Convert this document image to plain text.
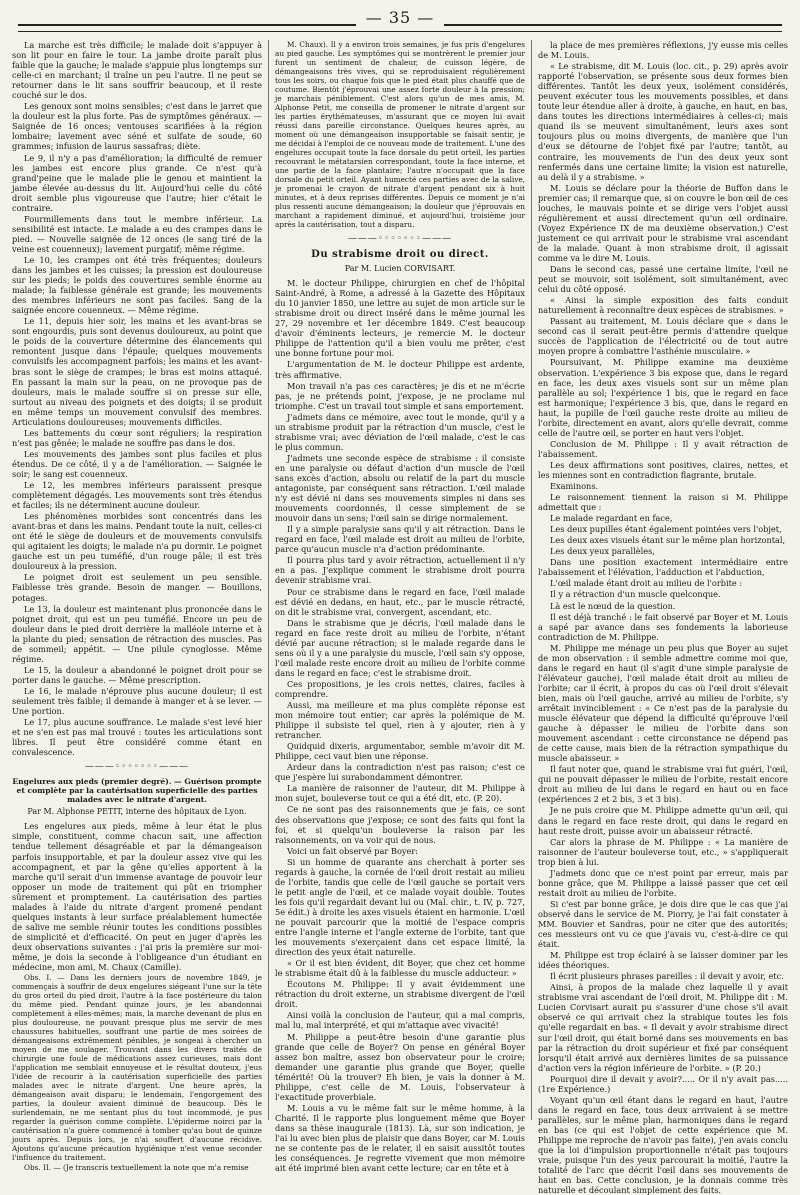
— 35 —

La marche est très difficile; le malade doit s'appuyer à son lit pour en faire le tour. La jambe droite paraît plus faible que la gauche; le malade s'appuie plus longtemps sur celle-ci en marchant; il traîne un peu l'autre. Il ne peut se retourner dans le lit sans souffrir beaucoup, et il reste couché sur le dos.

Les genoux sont moins sensibles; c'est dans le jarret que la douleur est la plus forte. Pas de symptômes généraux. — Saignée de 16 onces; ventouses scarifiées à la région lombaire; lavement avec séné et sulfate de soude, 60 grammes; infusion de laurus sassafras; diète.

Le 9, il n'y a pas d'amélioration; la difficulté de remuer les jambes est encore plus grande. Ce n'est qu'à grand'peine que le malade plie le genou et maintient la jambe élevée au-dessus du lit. Aujourd'hui celle du côté droit semble plus vigoureuse que l'autre; hier c'était le contraire.

Fourmillements dans tout le membre inférieur. La sensibilité est intacte. Le malade a eu des crampes dans le pied. — Nouvelle saignée de 12 onces (le sang tiré de la veine est couenneux); lavement purgatif; même régime.

Le 10, les crampes ont été très fréquentes; douleurs dans les jambes et les cuisses; la pression est douloureuse sur les pieds; le poids des couvertures semble énorme au malade; la faiblesse générale est grande; les mouvements des membres inférieurs ne sont pas faciles. Sang de la saignée encore couenneux. — Même régime.

Le 11, depuis hier soir, les mains et les avant-bras se sont engourdis, puis sont devenus douloureux, au point que le poids de la couverture détermine des élancements qui remontent jusque dans l'épaule; quelques mouvements convulsifs les accompagnent parfois; les mains et les avant-bras sont le siège de crampes; le bras est moins attaqué. En passant la main sur la peau, on ne provoque pas de douleurs, mais le malade souffre si on presse sur elle, surtout au niveau des poignets et des doigts; il se produit en même temps un mouvement convulsif des membres. Articulations douloureuses; mouvements difficiles.

Les battements du cœur sont réguliers; la respiration n'est pas gênée; le malade ne souffre pas dans le dos.

Les mouvements des jambes sont plus faciles et plus étendus. De ce côté, il y a de l'amélioration. — Saignée le soir; le sang est couenneux.

Le 12, les membres inférieurs paraissent presque complètement dégagés. Les mouvements sont très étendus et faciles; ils ne déterminent aucune douleur.

Les phénomènes morbides sont concentrés dans les avant-bras et dans les mains. Pendant toute la nuit, celles-ci ont été le siège de douleurs et de mouvements convulsifs qui agitaient les doigts; le malade n'a pu dormir. Le poignet gauche est un peu tuméfié, d'un rouge pâle; il est très douloureux à la pression.

Le poignet droit est seulement un peu sensible. Faiblesse très grande. Besoin de manger. — Bouillons, potages.

Le 13, la douleur est maintenant plus prononcée dans le poignet droit, qui est un peu tuméfié. Encore un peu de douleur dans le pied droit derrière la malléole interne et à la plante du pied; sensation de rétraction des muscles. Pas de sommeil; appétit. — Une pilule cynoglosse. Même régime.

Le 15, la douleur a abandonné le poignet droit pour se porter dans le gauche. — Même prescription.

Le 16, le malade n'éprouve plus aucune douleur; il est seulement très faible; il demande à manger et à se lever. — Une portion.

Le 17, plus aucune souffrance. Le malade s'est levé hier et ne s'en est pas mal trouvé : toutes les articulations sont libres. Il peut être considéré comme étant en convalescence.

———◦◦◦◦◦◦◦———
Engelures aux pieds (premier degré). — Guérison prompte et complète par la cautérisation superficielle des parties malades avec le nitrate d'argent.
Par M. Alphonse PETIT, interne des hôpitaux de Lyon.

Les engelures aux pieds, même à leur état le plus simple, constituent, comme chacun sait, une affection tendue tellement désagréable et par la démangeaison parfois insupportable, et par la douleur assez vive qui les accompagnent, et par la gêne qu'elles apportent à la marche qu'il serait d'un immense avantage de pouvoir leur opposer un mode de traitement qui pût en triompher sûrement et promptement. La cautérisation des parties malades à l'aide du nitrate d'argent promené pendant quelques instants à leur surface préalablement humectée de salive me semble réunir toutes les conditions possibles de simplicité et d'efficacité. On peut en juger d'après les deux observations suivantes : j'ai pris la première sur moi-même, je dois la seconde à l'obligeance d'un étudiant en médecine, mon ami, M. Chaux (Camille).

Obs. I. — Dans les derniers jours de novembre 1849, je commençais à souffrir de deux engelures siégeant l'une sur la tête du gros orteil du pied droit, l'autre à la face postérieure du talon du même pied. Pendant quinze jours, je les abandonnai complètement à elles-mêmes; mais, la marche devenant de plus en plus douloureuse, ne pouvant presque plus me servir de mes chaussures habituelles, souffrant une partie de mes soirées de démangeaisons extrêmement pénibles, je songeai à chercher un moyen de me soulager. Trouvant dans les divers traités de chirurgie une foule de médications assez curieuses, mais dont l'application me semblait ennuyeuse et le résultat douteux, j'eus l'idée de recourir à la cautérisation superficielle des parties malades avec le nitrate d'argent. Une heure après, la démangeaison avait disparu; le lendemain, l'engorgement des parties, la douleur avaient diminué de beaucoup. Dès le surlendemain, ne me sentant plus du tout incommodé, je pus regarder la guérison comme complète. L'épiderme noirci par la cautérisation n'a guère commencé à tomber qu'au bout de quinze jours après. Depuis lors, je n'ai souffert d'aucune récidive. Ajoutons qu'aucune précaution hygiénique n'est venue seconder l'influence du traitement.

Obs. II. — (Je transcris textuellement la note que m'a remise

M. Chaux). Il y a environ trois semaines, je fus pris d'engelures au pied gauche. Les symptômes qui se montrèrent le premier jour furent un sentiment de chaleur, de cuisson légère, de démangeaisons très vives, qui se reproduisaient régulièrement tous les soirs, ou chaque fois que le pied était plus chauffé que de coutume. Bientôt j'éprouvai une assez forte douleur à la pression; je marchais péniblement. C'est alors qu'un de mes amis, M. Alphonse Petit, me conseilla de promener le nitrate d'argent sur les parties érythémateuses, m'assurant que ce moyen lui avait réussi dans pareille circonstance. Quelques heures après, au moment où une démangeaison insupportable se faisait sentir, je me décidai à l'emploi de ce nouveau mode de traitement. L'une des engelures occupait toute la face dorsale du petit orteil, les parties recouvrant le métatarsien correspondant, toute la face interne, et une partie de la face plantaire; l'autre n'occupait que la face dorsale du petit orteil. Ayant humecté ces parties avec de la salive, je promenai le crayon de nitrate d'argent pendant six à huit minutes, et à deux reprises différentes. Depuis ce moment je n'ai plus ressenti aucune démangeaison; la douleur que j'éprouvais en marchant a rapidement diminué, et aujourd'hui, troisième jour après la cautérisation, tout a disparu.

———◦◦◦◦◦◦◦———
Du strabisme droit ou direct.
Par M. Lucien CORVISART.

M. le docteur Philippe, chirurgien en chef de l'hôpital Saint-André, à Rome, a adressé à la Gazette des Hôpitaux du 10 janvier 1850, une lettre au sujet de mon article sur le strabisme droit ou direct inséré dans le même journal les 27, 29 novembre et 1er décembre 1849. C'est beaucoup d'avoir d'éminents lecteurs, je remercie M. le docteur Philippe de l'attention qu'il a bien voulu me prêter, c'est une bonne fortune pour moi.

L'argumentation de M. le docteur Philippe est ardente, très affirmative.

Mon travail n'a pas ces caractères; je dis et ne m'écrie pas, je ne prétends point, j'expose, je ne proclame nul triomphe. C'est un travail tout simple et sans emportement.

J'admets dans ce mémoire, avec tout le monde, qu'il y a un strabisme produit par la rétraction d'un muscle, c'est le strabisme vrai; avec déviation de l'œil malade, c'est le cas le plus commun.

J'admets une seconde espèce de strabisme : il consiste en une paralysie ou défaut d'action d'un muscle de l'œil sans excès d'action, absolu ou relatif de la part du muscle antagoniste, par conséquent sans rétraction. L'œil malade n'y est dévié ni dans ses mouvements simples ni dans ses mouvements coordonnés, il cesse simplement de se mouvoir dans un sens; l'œil sain se dirige normalement.

Il y a simple paralysie sans qu'il y ait rétraction. Dans le regard en face, l'œil malade est droit au milieu de l'orbite, parce qu'aucun muscle n'a d'action prédominante.

Il pourra plus tard y avoir rétraction, actuellement il n'y en a pas. J'explique comment le strabisme droit pourra devenir strabisme vrai.

Pour ce strabisme dans le regard en face, l'œil malade est dévié en dedans, en haut, etc., par le muscle rétracté, on dit le strabisme vrai, convergent, ascendant, etc.

Dans le strabisme que je décris, l'œil malade dans le regard en face reste droit au milieu de l'orbite, n'étant dévié par aucune rétraction; si le malade regarde dans le sens où il y a une paralysie du muscle, l'œil sain s'y oppose, l'œil malade reste encore droit au milieu de l'orbite comme dans le regard en face; c'est le strabisme droit.

Ces propositions, je les crois nettes, claires, faciles à comprendre.

Aussi, ma meilleure et ma plus complète réponse est mon mémoire tout entier; car après la polémique de M. Philippe il subsiste tel quel, rien à y ajouter, rien à y retrancher.

Quidquid dixeris, argumentabor, semble m'avoir dit M. Philippe, ceci vaut bien une réponse.

Ardeur dans la contradiction n'est pas raison; c'est ce que j'espère lui surabondamment démontrer.

La manière de raisonner de l'auteur, dit M. Philippe à mon sujet, bouleverse tout ce qui a été dit, etc. (P. 20).

Ce ne sont pas des raisonnements que je fais, ce sont des observations que j'expose; ce sont des faits qui font la foi, et si quelqu'un bouleverse la raison par les raisonnements, on va voir qui de nous.

Voici un fait observé par Boyer:

Si un homme de quarante ans cherchait à porter ses regards à gauche, la cornée de l'œil droit restait au milieu de l'orbite, tandis que celle de l'œil gauche se portait vers le petit angle de l'œil, et ce malade voyait double. Toutes les fois qu'il regardait devant lui ou (Mal. chir., t. IV, p. 727, 5e édit.) à droite les axes visuels étaient en harmonie. L'œil ne pouvait parcourir que la moitié de l'espace compris entre l'angle interne et l'angle externe de l'orbite, tant que les mouvements s'exerçaient dans cet espace limité, la direction des yeux était naturelle.

« Or il est bien évident, dit Boyer, que chez cet homme le strabisme était dû à la faiblesse du muscle adducteur. »

Écoutons M. Philippe: Il y avait évidemment une rétraction du droit externe, un strabisme divergent de l'œil droit.

Ainsi voilà la conclusion de l'auteur, qui a mal compris, mal lu, mal interprété, et qui m'attaque avec vivacité!

M. Philippe a peut-être besoin d'une garantie plus grande que celle de Boyer? On pense en général Boyer assez bon maître, assez bon observateur pour le croire; demander une garantie plus grande que Boyer, quelle témérité! Où la trouver? Eh bien, je vais la donner à M. Philippe, c'est celle de M. Louis, l'observateur à l'exactitude proverbiale.

M. Louis a vu le même fait sur le même homme, à la Charité. Il le rapporte plus longuement même que Boyer dans sa thèse inaugurale (1813). Là, sur son indication, je l'ai lu avec bien plus de plaisir que dans Boyer, car M. Louis ne se contente pas de le relater, il en saisit aussitôt toutes les conséquences. Je regrette vivement que mon mémoire ait été imprimé bien avant cette lecture; car en tête et à

la place de mes premières réflexions, j'y eusse mis celles de M. Louis.

« Le strabisme, dit M. Louis (loc. cit., p. 29) après avoir rapporté l'observation, se présente sous deux formes bien différentes. Tantôt les deux yeux, isolément considérés, peuvent exécuter tous les mouvements possibles, et dans toute leur étendue aller à droite, à gauche, en haut, en bas, dans toutes les directions intermédiaires à celles-ci; mais quand ils se meuvent simultanément, leurs axes sont toujours plus ou moins divergents, de manière que l'un d'eux se détourne de l'objet fixé par l'autre; tantôt, au contraire, les mouvements de l'un des deux yeux sont renfermés dans une certaine limite; la vision est naturelle, au delà il y a strabisme. »

M. Louis se déclare pour la théorie de Buffon dans le premier cas; il remarque que, si on couvre le bon œil de ces louches, le mauvais pointe et se dirige vers l'objet aussi régulièrement et aussi directement qu'un œil ordinaire. (Voyez Expérience IX de ma deuxième observation.) C'est justement ce qui arrivait pour le strabisme vrai ascendant de la malade. Quant à mon strabisme droit, il agissait comme va le dire M. Louis.

Dans le second cas, passé une certaine limite, l'œil ne peut se mouvoir, soit isolément, soit simultanément, avec celui du côté opposé.

« Ainsi la simple exposition des faits conduit naturellement à reconnaître deux espèces de strabismes. »

Passant au traitement, M. Louis déclare que « dans le second cas il serait peut-être permis d'attendre quelque succès de l'application de l'électricité ou de tout autre moyen propre à combattre l'asthénie musculaire. »

Poursuivant, M. Philippe examine ma deuxième observation. L'expérience 3 bis expose que, dans le regard en face, les deux axes visuels sont sur un même plan parallèle au sol; l'expérience 1 bis, que le regard en face est harmonique; l'expérience 3 bis, que, dans le regard en haut, la pupille de l'œil gauche reste droite au milieu de l'orbite, directement en avant, alors qu'elle devrait, comme celle de l'autre œil, se porter en haut vers l'objet.

Conclusion de M. Philippe : Il y avait rétraction de l'abaissement.

Les deux affirmations sont positives, claires, nettes, et les miennes sont en contradiction flagrante, brutale.

Examinons.

Le raisonnement tiennent la raison si M. Philippe admettait que :

Le malade regardant en face,

Les deux pupilles étant également pointées vers l'objet,

Les deux axes visuels étant sur le même plan horizontal,

Les deux yeux parallèles,

Dans une position exactement intermédiaire entre l'abaissement et l'élévation, l'adduction et l'abduction,

L'œil malade étant droit au milieu de l'orbite :

Il y a rétraction d'un muscle quelconque.

Là est le nœud de la question.

Il est déjà tranché : le fait observé par Boyer et M. Louis a sapé par avance dans ses fondements la laborieuse contradiction de M. Philippe.

M. Philippe me ménage un peu plus que Boyer au sujet de mon observation : il semble admettre comme moi que, dans le regard en haut (il s'agit d'une simple paralysie de l'élévateur gauche), l'œil malade était droit au milieu de l'orbite; car il écrit, à propos du cas où l'œil droit s'élevait bien, mais où l'œil gauche, arrivé au milieu de l'orbite, s'y arrêtait invinciblement : « Ce n'est pas de la paralysie du muscle élévateur que dépend la difficulté qu'éprouve l'œil gauche à dépasser le milieu de l'orbite dans son mouvement ascendant : cette circonstance ne dépend pas de cette cause, mais bien de la rétraction sympathique du muscle abaisseur. »

Il faut noter que, quand le strabisme vrai fut guéri, l'œil, qui ne pouvait dépasser le milieu de l'orbite, restait encore droit au milieu de lui dans le regard en haut ou en face (expériences 2 et 2 bis, 3 et 3 bis).

Je ne puis croire que M. Philippe admette qu'un œil, qui dans le regard en face reste droit, qui dans le regard en haut reste droit, puisse avoir un abaisseur rétracté.

Car alors la phrase de M. Philippe : « La manière de raisonner de l'auteur bouleverse tout, etc., » s'appliquerait trop bien à lui.

J'admets donc que ce n'est point par erreur, mais par bonne grâce, que M. Philippe a laissé passer que cet œil restait droit au milieu de l'orbite.

Si c'est par bonne grâce, je dois dire que le cas que j'ai observé dans le service de M. Piorry, je l'ai fait constater à MM. Bouvier et Sandras, pour ne citer que des autorités; ces messieurs ont vu ce que j'avais vu, c'est-à-dire ce qui était.

M. Philippe est trop éclairé à se laisser dominer par les idées théoriques.

Il écrit plusieurs phrases pareilles : il devait y avoir, etc.

Ainsi, à propos de la malade chez laquelle il y avait strabisme vrai ascendant de l'œil droit, M. Philippe dit : M. Lucien Corvisart aurait pu s'assurer d'une chose s'il avait observé ce qui arrivait chez la strabique toutes les fois qu'elle regardait en bas. « Il devait y avoir strabisme direct sur l'œil droit, qui était borné dans ses mouvements en bas par la rétraction du droit supérieur et fixé par conséquent lorsqu'il était arrivé aux dernières limites de sa puissance d'action vers la région inférieure de l'orbite. » (P. 20.)

Pourquoi dire il devait y avoir?..... Or il n'y avait pas..... (1re Expérience.)

Voyant qu'un œil étant dans le regard en haut, l'autre dans le regard en face, tous deux arrivaient à se mettre parallèles, sur le même plan, harmoniques dans le regard en bas (ce qui est l'objet de cette expérience que M. Philippe me reproche de n'avoir pas faite), j'en avais conclu que la loi d'impulsion proportionnelle n'était pas toujours vraie, puisque l'un des yeux parcourait la moitié, l'autre la totalité de l'arc que décrit l'œil dans ses mouvements de haut en bas. Cette conclusion, je la donnais comme très naturelle et découlant simplement des faits.
